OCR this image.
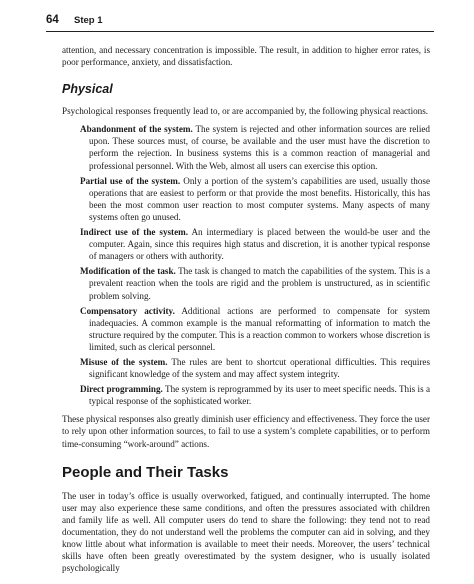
64 Step 1

attention, and necessary concentration is impossible. The result, in addition to higher error rates, is poor performance, anxiety, and dissatisfaction.

Physical

Psychological responses frequently lead to, or are accompanied by, the following physical reactions.

Abandonment of the system. The system is rejected and other information sources are relied upon. These sources must, of course, be available and the user must have the discretion to perform the rejection. In business systems this is a common reaction of managerial and professional personnel. With the Web, almost all users can exercise this option.
Partial use of the system. Only a portion of the system’s capabilities are used, usually those operations that are easiest to perform or that provide the most benefits. Historically, this has been the most common user reaction to most computer systems. Many aspects of many systems often go unused.
Indirect use of the system. An intermediary is placed between the would-be user and the computer. Again, since this requires high status and discretion, it is another typical response of managers or others with authority.
Modification of the task. The task is changed to match the capabilities of the system. This is a prevalent reaction when the tools are rigid and the problem is unstructured, as in scientific problem solving.
Compensatory activity. Additional actions are performed to compensate for system inadequacies. A common example is the manual reformatting of information to match the structure required by the computer. This is a reaction common to workers whose discretion is limited, such as clerical personnel.
Misuse of the system. The rules are bent to shortcut operational difficulties. This requires significant knowledge of the system and may affect system integrity.
Direct programming. The system is reprogrammed by its user to meet specific needs. This is a typical response of the sophisticated worker.

These physical responses also greatly diminish user efficiency and effectiveness. They force the user to rely upon other information sources, to fail to use a system’s complete capabilities, or to perform time-consuming “work-around” actions.

People and Their Tasks

The user in today’s office is usually overworked, fatigued, and continually interrupted. The home user may also experience these same conditions, and often the pressures associated with children and family life as well. All computer users do tend to share the following: they tend not to read documentation, they do not understand well the problems the computer can aid in solving, and they know little about what information is available to meet their needs. Moreover, the users’ technical skills have often been greatly overestimated by the system designer, who is usually isolated psychologically
